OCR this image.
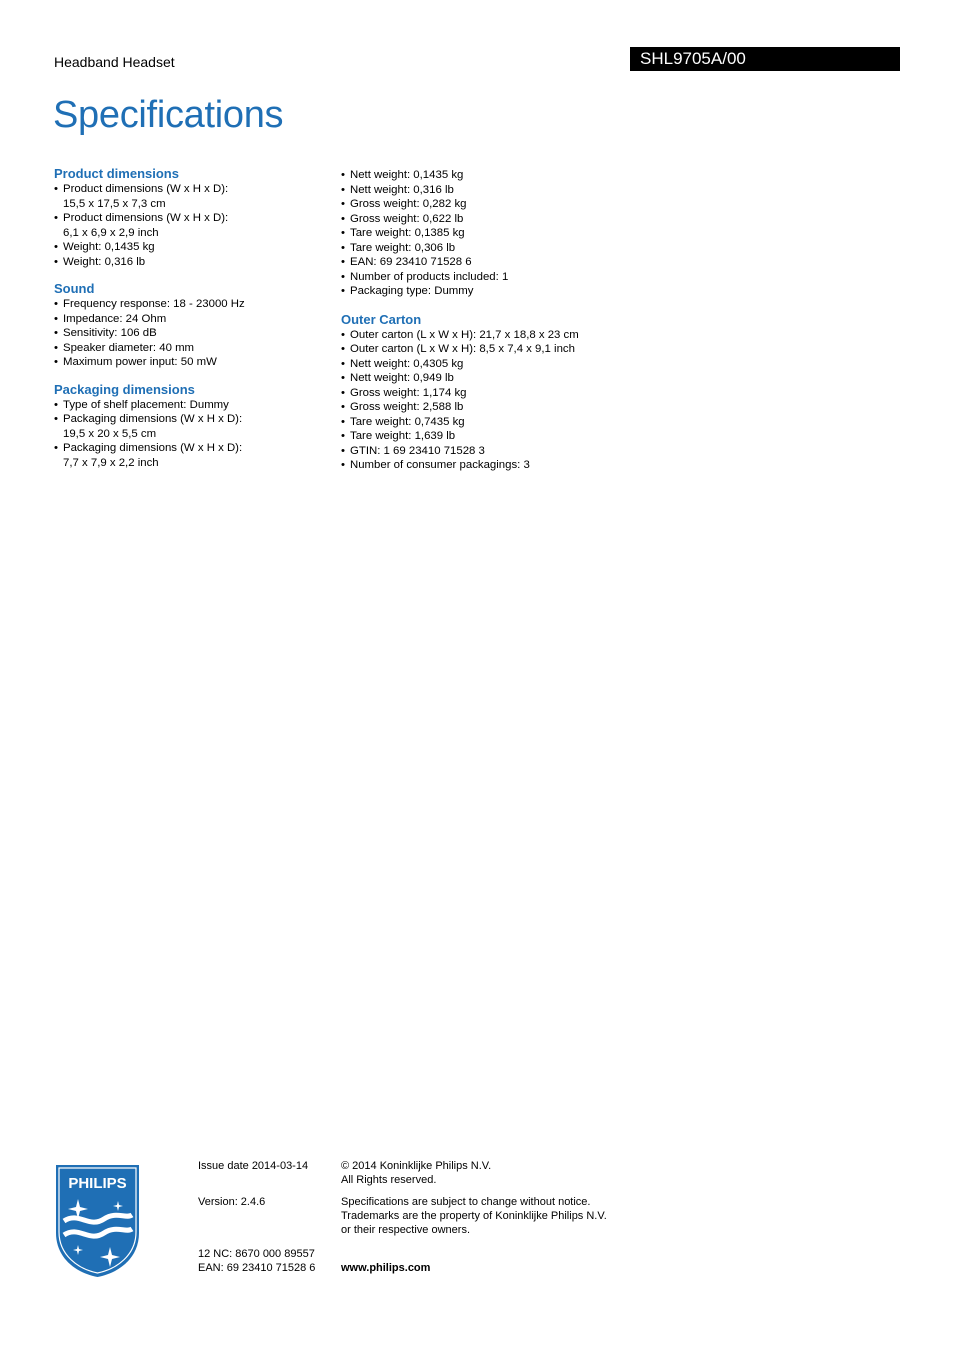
Headband Headset	SHL9705A/00
Specifications
Product dimensions
• Product dimensions (W x H x D):
15,5 x 17,5 x 7,3 cm
• Product dimensions (W x H x D):
6,1 x 6,9 x 2,9 inch
• Weight: 0,1435 kg
• Weight: 0,316 lb
Sound
• Frequency response: 18 - 23000 Hz
• Impedance: 24 Ohm
• Sensitivity: 106 dB
• Speaker diameter: 40 mm
• Maximum power input: 50 mW
Packaging dimensions
• Type of shelf placement: Dummy
• Packaging dimensions (W x H x D):
19,5 x 20 x 5,5 cm
• Packaging dimensions (W x H x D):
7,7 x 7,9 x 2,2 inch
• Nett weight: 0,1435 kg
• Nett weight: 0,316 lb
• Gross weight: 0,282 kg
• Gross weight: 0,622 lb
• Tare weight: 0,1385 kg
• Tare weight: 0,306 lb
• EAN: 69 23410 71528 6
• Number of products included: 1
• Packaging type: Dummy
Outer Carton
• Outer carton (L x W x H): 21,7 x 18,8 x 23 cm
• Outer carton (L x W x H): 8,5 x 7,4 x 9,1 inch
• Nett weight: 0,4305 kg
• Nett weight: 0,949 lb
• Gross weight: 1,174 kg
• Gross weight: 2,588 lb
• Tare weight: 0,7435 kg
• Tare weight: 1,639 lb
• GTIN: 1 69 23410 71528 3
• Number of consumer packagings: 3
PHILIPS
Issue date 2014-03-14
Version: 2.4.6
12 NC: 8670 000 89557
EAN: 69 23410 71528 6
© 2014 Koninklijke Philips N.V.
All Rights reserved.
Specifications are subject to change without notice.
Trademarks are the property of Koninklijke Philips N.V.
or their respective owners.
www.philips.com
